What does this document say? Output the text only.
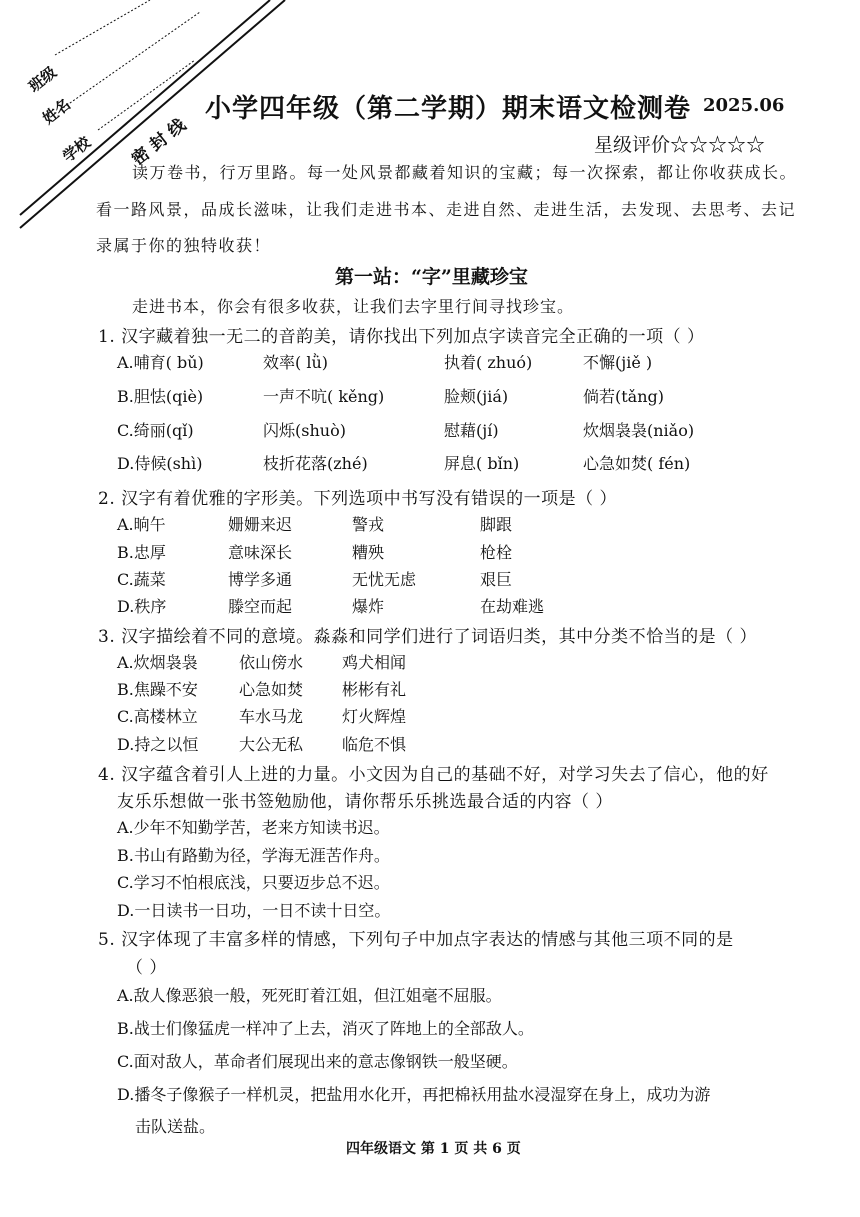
班级
姓名
学校 密 封 线
小学四年级（第二学期）期末语文检测卷 2025.06
星级评价☆☆☆☆☆
读万卷书，行万里路。每一处风景都藏着知识的宝藏；每一次探索，都让你收获成长。
看一路风景，品成长滋味，让我们走进书本、走进自然、走进生活，去发现、去思考、去记
录属于你的独特收获！
第一站：“字”里藏珍宝
走进书本，你会有很多收获，让我们去字里行间寻找珍宝。
1. 汉字藏着独一无二的音韵美，请你找出下列加点字读音完全正确的一项（ ）
A.哺育( bǔ)	效率( lǜ)	执着( zhuó)	不懈(jiě )
B.胆怯(qiè)	一声不吭( kěng)	脸颊(jiá)	倘若(tǎng)
C.绮丽(qǐ)	闪烁(shuò)	慰藉(jí)	炊烟袅袅(niǎo)
D.侍候(shì)	枝折花落(zhé)	屏息( bǐn)	心急如焚( fén)
2. 汉字有着优雅的字形美。下列选项中书写没有错误的一项是（ ）
A.晌午	姗姗来迟	警戎	脚跟
B.忠厚	意味深长	糟殃	枪栓
C.蔬菜	博学多通	无忧无虑	艰巨
D.秩序	滕空而起	爆炸	在劫难逃
3. 汉字描绘着不同的意境。淼淼和同学们进行了词语归类，其中分类不恰当的是（ ）
A.炊烟袅袅	依山傍水 鸡犬相闻
B.焦躁不安	心急如焚 彬彬有礼
C.高楼林立	车水马龙 灯火辉煌
D.持之以恒	大公无私 临危不惧
4. 汉字蕴含着引人上进的力量。小文因为自己的基础不好，对学习失去了信心，他的好
友乐乐想做一张书签勉励他，请你帮乐乐挑选最合适的内容（ ）
A.少年不知勤学苦，老来方知读书迟。
B.书山有路勤为径，学海无涯苦作舟。
C.学习不怕根底浅，只要迈步总不迟。
D.一日读书一日功，一日不读十日空。
5. 汉字体现了丰富多样的情感，下列句子中加点字表达的情感与其他三项不同的是
（ ）
A.敌人像恶狼一般，死死盯着江姐，但江姐毫不屈服。
B.战士们像猛虎一样冲了上去，消灭了阵地上的全部敌人。
C.面对敌人，革命者们展现出来的意志像钢铁一般坚硬。
D.播冬子像猴子一样机灵，把盐用水化开，再把棉袄用盐水浸湿穿在身上，成功为游
击队送盐。
四年级语文 第 1 页 共 6 页
